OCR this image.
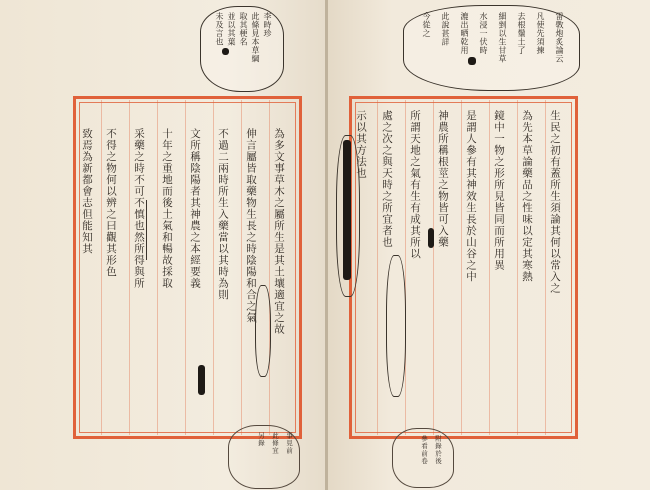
為多文事草木之屬所生是其土壤適宜之故
伸言屬皆取藥物生長之時陰陽和合之氣
不過二兩時所生入藥當以其時為則
文所稱陰陽者其神農之本經要義
十年之重地而後土氣和暢故採取
采藥之時不可不慎也然所得與所
不得之物何以辨之曰觀其形色
致焉為新都會志但能知其
李時珍
此條見本草綱
取其梗名
並以其葉
未及言也
事見前
此條宜
另錄
生民之初有蓋所生須論其何以常入之
為先本草論藥品之性味以定其寒熱
鏡中一物之形所見皆同而所用異
是謂人參有其神效生長於山谷之中
神農所稱根莖之物皆可入藥
所謂天地之氣有生有成其所以
處之次之與天時之所宜者也
示以其方法也
雷斆炮炙論云
凡使先須揀
去根鬚土了
細剉以生甘草
水浸一伏時
漉出晒乾用
此說甚詳
今從之
附錄於後
參看前卷
